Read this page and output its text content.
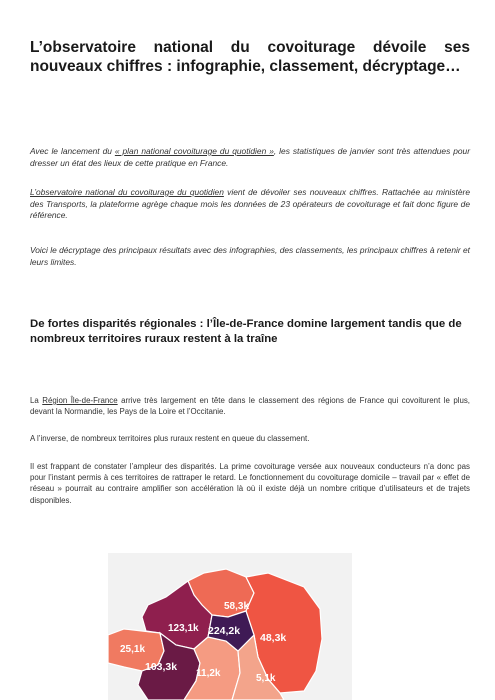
L’observatoire national du covoiturage dévoile ses nouveaux chiffres : infographie, classement, décryptage…

Avec le lancement du « plan national covoiturage du quotidien », les statistiques de janvier sont très attendues pour dresser un état des lieux de cette pratique en France.

L’observatoire national du covoiturage du quotidien vient de dévoiler ses nouveaux chiffres. Rattachée au ministère des Transports, la plateforme agrège chaque mois les données de 23 opérateurs de covoiturage et fait donc figure de référence.

Voici le décryptage des principaux résultats avec des infographies, des classements, les principaux chiffres à retenir et leurs limites.

De fortes disparités régionales : l’Île-de-France domine largement tandis que de nombreux territoires ruraux restent à la traîne

La Région Île-de-France arrive très largement en tête dans le classement des régions de France qui covoiturent le plus, devant la Normandie, les Pays de la Loire et l’Occitanie.

A l’inverse, de nombreux territoires plus ruraux restent en queue du classement.

Il est frappant de constater l’ampleur des disparités. La prime covoiturage versée aux nouveaux conducteurs n’a donc pas pour l’instant permis à ces territoires de rattraper le retard. Le fonctionnement du covoiturage domicile – travail par « effet de réseau » pourrait au contraire amplifier son accélération là où il existe déjà un nombre critique d’utilisateurs et de trajets disponibles.

58,3k
123,1k 224,2k
48,3k
25,1k
103,3k
11,2k	5,1k
